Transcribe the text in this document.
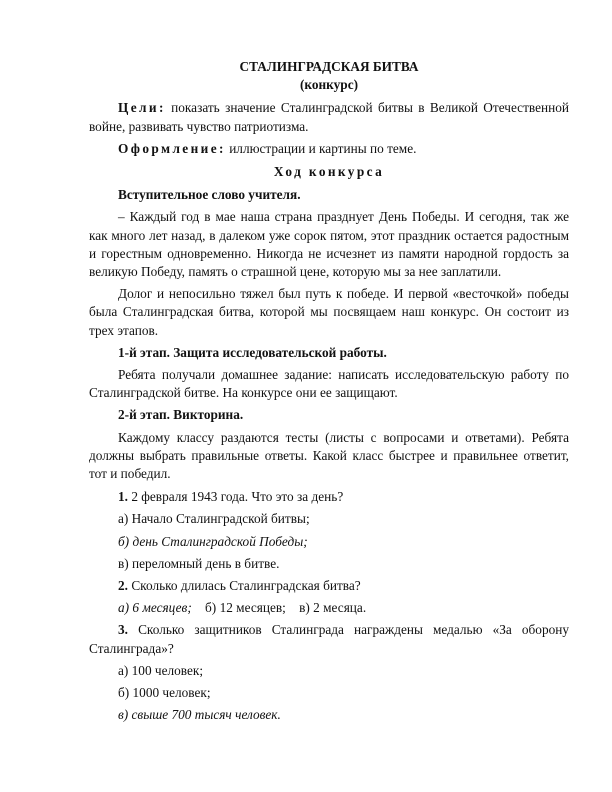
СТАЛИНГРАДСКАЯ БИТВА

(конкурс)

Цели: показать значение Сталинградской битвы в Великой Отечественной войне, развивать чувство патриотизма.

Оформление: иллюстрации и картины по теме.

Ход конкурса

Вступительное слово учителя.

– Каждый год в мае наша страна празднует День Победы. И сегодня, так же как много лет назад, в далеком уже сорок пятом, этот праздник остается радостным и горестным одновременно. Никогда не исчезнет из памяти народной гордость за великую Победу, память о страшной цене, которую мы за нее заплатили.

Долог и непосильно тяжел был путь к победе. И первой «весточкой» победы была Сталинградская битва, которой мы посвящаем наш конкурс. Он состоит из трех этапов.

1-й этап. Защита исследовательской работы.

Ребята получали домашнее задание: написать исследовательскую работу по Сталинградской битве. На конкурсе они ее защищают.

2-й этап. Викторина.

Каждому классу раздаются тесты (листы с вопросами и ответами). Ребята должны выбрать правильные ответы. Какой класс быстрее и правильнее ответит, тот и победил.

1. 2 февраля 1943 года. Что это за день?

а) Начало Сталинградской битвы;

б) день Сталинградской Победы;

в) переломный день в битве.

2. Сколько длилась Сталинградская битва?

а) 6 месяцев; б) 12 месяцев; в) 2 месяца.

3. Сколько защитников Сталинграда награждены медалью «За оборону Сталинграда»?

а) 100 человек;

б) 1000 человек;

в) свыше 700 тысяч человек.
